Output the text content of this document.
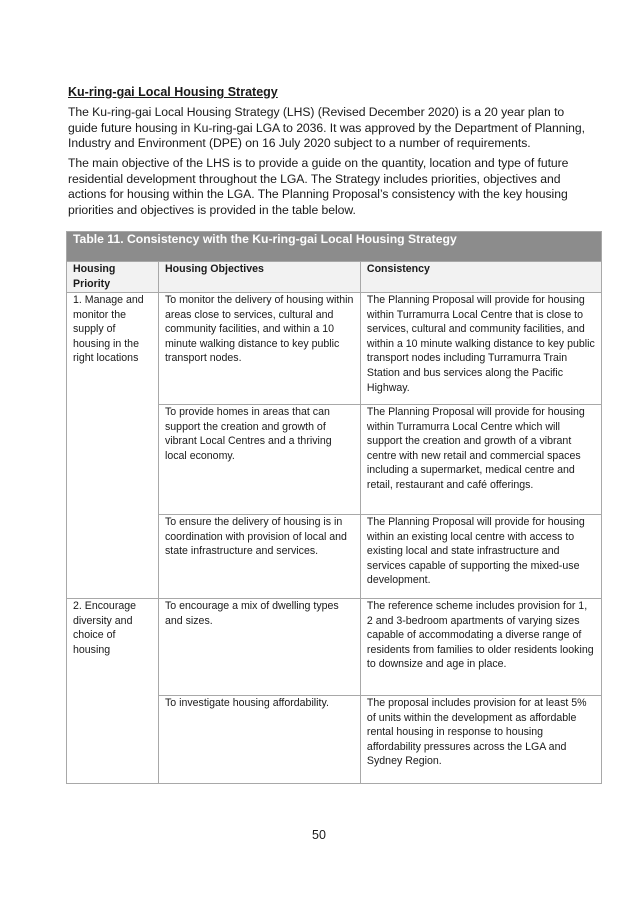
Ku-ring-gai Local Housing Strategy

The Ku-ring-gai Local Housing Strategy (LHS) (Revised December 2020) is a 20 year plan to guide future housing in Ku-ring-gai LGA to 2036. It was approved by the Department of Planning, Industry and Environment (DPE) on 16 July 2020 subject to a number of requirements.

The main objective of the LHS is to provide a guide on the quantity, location and type of future residential development throughout the LGA. The Strategy includes priorities, objectives and actions for housing within the LGA. The Planning Proposal’s consistency with the key housing priorities and objectives is provided in the table below.

Table 11. Consistency with the Ku-ring-gai Local Housing Strategy		
Housing Priority	Housing Objectives	Consistency
1. Manage and monitor the supply of housing in the right locations	To monitor the delivery of housing within areas close to services, cultural and community facilities, and within a 10 minute walking distance to key public transport nodes.	The Planning Proposal will provide for housing within Turramurra Local Centre that is close to services, cultural and community facilities, and within a 10 minute walking distance to key public transport nodes including Turramurra Train Station and bus services along the Pacific Highway.
	To provide homes in areas that can support the creation and growth of vibrant Local Centres and a thriving local economy.	The Planning Proposal will provide for housing within Turramurra Local Centre which will support the creation and growth of a vibrant centre with new retail and commercial spaces including a supermarket, medical centre and retail, restaurant and café offerings.
	To ensure the delivery of housing is in coordination with provision of local and state infrastructure and services.	The Planning Proposal will provide for housing within an existing local centre with access to existing local and state infrastructure and services capable of supporting the mixed-use development.
2. Encourage diversity and choice of housing	To encourage a mix of dwelling types and sizes.	The reference scheme includes provision for 1, 2 and 3-bedroom apartments of varying sizes capable of accommodating a diverse range of residents from families to older residents looking to downsize and age in place.
	To investigate housing affordability.	The proposal includes provision for at least 5% of units within the development as affordable rental housing in response to housing affordability pressures across the LGA and Sydney Region.
50
